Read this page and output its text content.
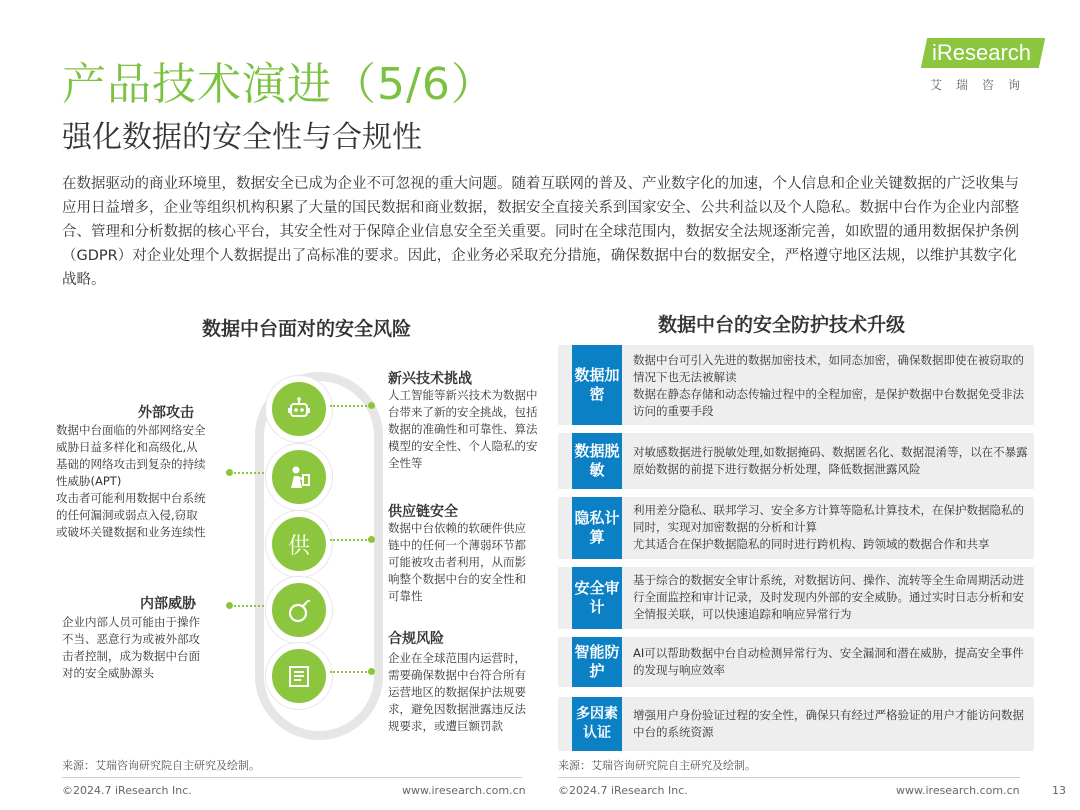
产品技术演进（5/6）
强化数据的安全性与合规性
iResearch
艾瑞咨询
在数据驱动的商业环境里，数据安全已成为企业不可忽视的重大问题。随着互联网的普及、产业数字化的加速，个人信息和企业关键数据的广泛收集与应用日益增多，企业等组织机构积累了大量的国民数据和商业数据，数据安全直接关系到国家安全、公共利益以及个人隐私。数据中台作为企业内部整合、管理和分析数据的核心平台，其安全性对于保障企业信息安全至关重要。同时在全球范围内，数据安全法规逐渐完善，如欧盟的通用数据保护条例（GDPR）对企业处理个人数据提出了高标准的要求。因此，企业务必采取充分措施，确保数据中台的数据安全，严格遵守地区法规，以维护其数字化战略。
数据中台面对的安全风险
供
外部攻击
数据中台面临的外部网络安全威胁日益多样化和高级化,从基础的网络攻击到复杂的持续性威胁(APT)
攻击者可能利用数据中台系统的任何漏洞或弱点入侵,窃取或破坏关键数据和业务连续性
内部威胁
企业内部人员可能由于操作不当、恶意行为或被外部攻击者控制，成为数据中台面对的安全威胁源头
新兴技术挑战
人工智能等新兴技术为数据中台带来了新的安全挑战，包括数据的准确性和可靠性、算法模型的安全性、个人隐私的安全性等
供应链安全
数据中台依赖的软硬件供应链中的任何一个薄弱环节都可能被攻击者利用，从而影响整个数据中台的安全性和可靠性
合规风险
企业在全球范围内运营时，需要确保数据中台符合所有运营地区的数据保护法规要求，避免因数据泄露违反法规要求，或遭巨额罚款
来源：艾瑞咨询研究院自主研究及绘制。
数据中台的安全防护技术升级
数据加密
数据中台可引入先进的数据加密技术，如同态加密，确保数据即使在被窃取的情况下也无法被解读
数据在静态存储和动态传输过程中的全程加密，是保护数据中台数据免受非法访问的重要手段
数据脱敏
对敏感数据进行脱敏处理,如数据掩码、数据匿名化、数据混淆等，以在不暴露原始数据的前提下进行数据分析处理，降低数据泄露风险
隐私计算
利用差分隐私、联邦学习、安全多方计算等隐私计算技术，在保护数据隐私的同时，实现对加密数据的分析和计算
尤其适合在保护数据隐私的同时进行跨机构、跨领域的数据合作和共享
安全审计
基于综合的数据安全审计系统，对数据访问、操作、流转等全生命周期活动进行全面监控和审计记录，及时发现内外部的安全威胁。通过实时日志分析和安全情报关联，可以快速追踪和响应异常行为
智能防护
AI可以帮助数据中台自动检测异常行为、安全漏洞和潜在威胁，提高安全事件的发现与响应效率
多因素认证
增强用户身份验证过程的安全性，确保只有经过严格验证的用户才能访问数据中台的系统资源
来源：艾瑞咨询研究院自主研究及绘制。
©2024.7 iResearch Inc.	www.iresearch.com.cn	©2024.7 iResearch Inc.	www.iresearch.com.cn	13
